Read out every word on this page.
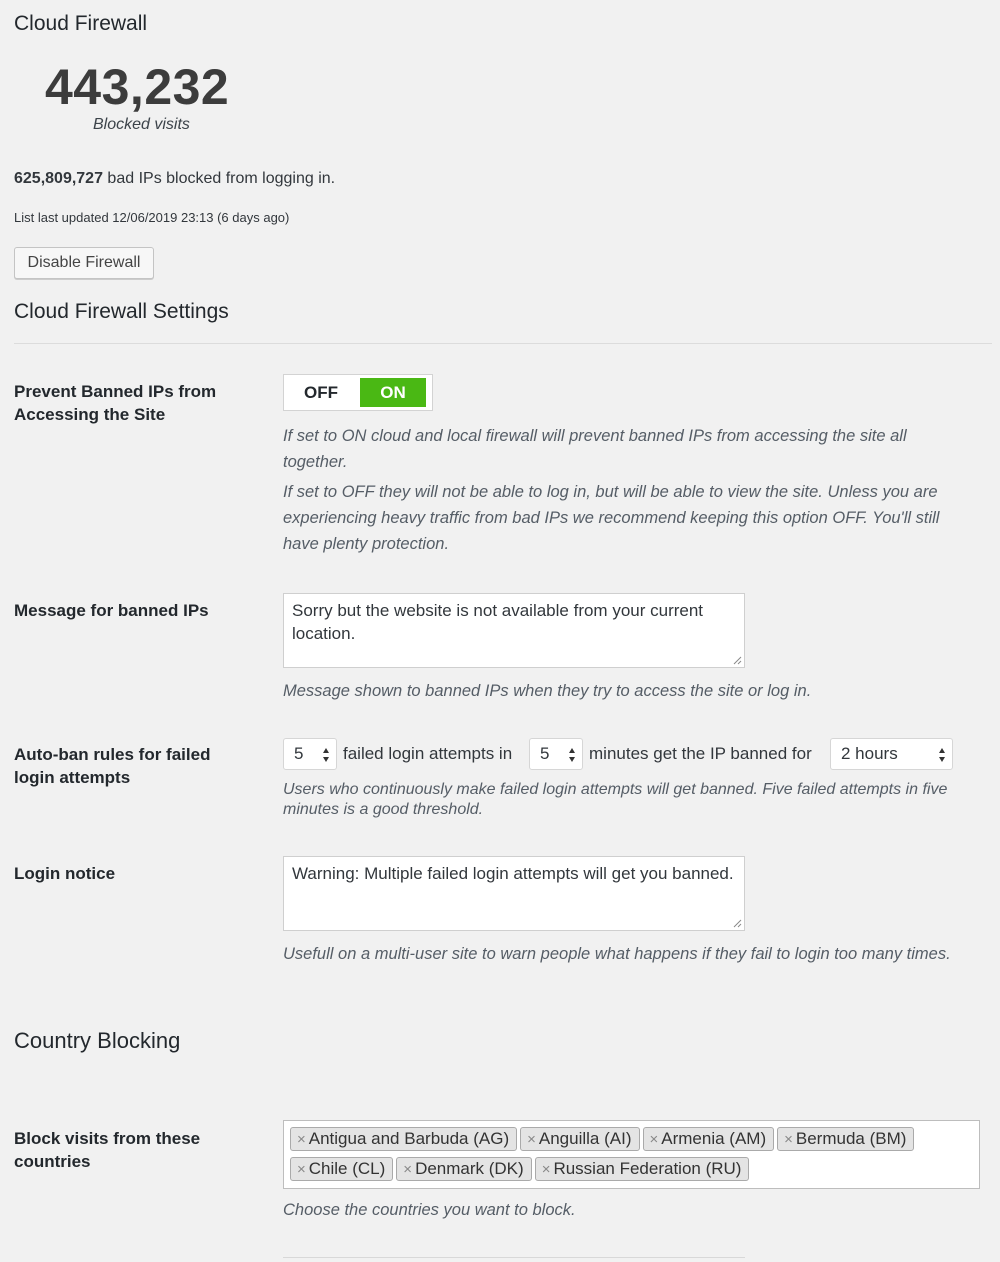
Cloud Firewall
443,232
Blocked visits
625,809,727 bad IPs blocked from logging in.
List last updated 12/06/2019 23:13 (6 days ago)
Disable Firewall
Cloud Firewall Settings
Prevent Banned IPs from Accessing the Site
OFF	ON
If set to ON cloud and local firewall will prevent banned IPs from accessing the site all together.
If set to OFF they will not be able to log in, but will be able to view the site. Unless you are experiencing heavy traffic from bad IPs we recommend keeping this option OFF. You'll still have plenty protection.
Message for banned IPs	Sorry but the website is not available from your current location.
Message shown to banned IPs when they try to access the site or log in.
Auto-ban rules for failed login attempts
5	failed login attempts in	5	minutes get the IP banned for	2 hours
Users who continuously make failed login attempts will get banned. Five failed attempts in five minutes is a good threshold.
Login notice	Warning: Multiple failed login attempts will get you banned.
Usefull on a multi-user site to warn people what happens if they fail to login too many times.
Country Blocking
Block visits from these countries
× Antigua and Barbuda (AG) × Anguilla (AI) × Armenia (AM) × Bermuda (BM)× Chile (CL) × Denmark (DK) × Russian Federation (RU)
Choose the countries you want to block.
